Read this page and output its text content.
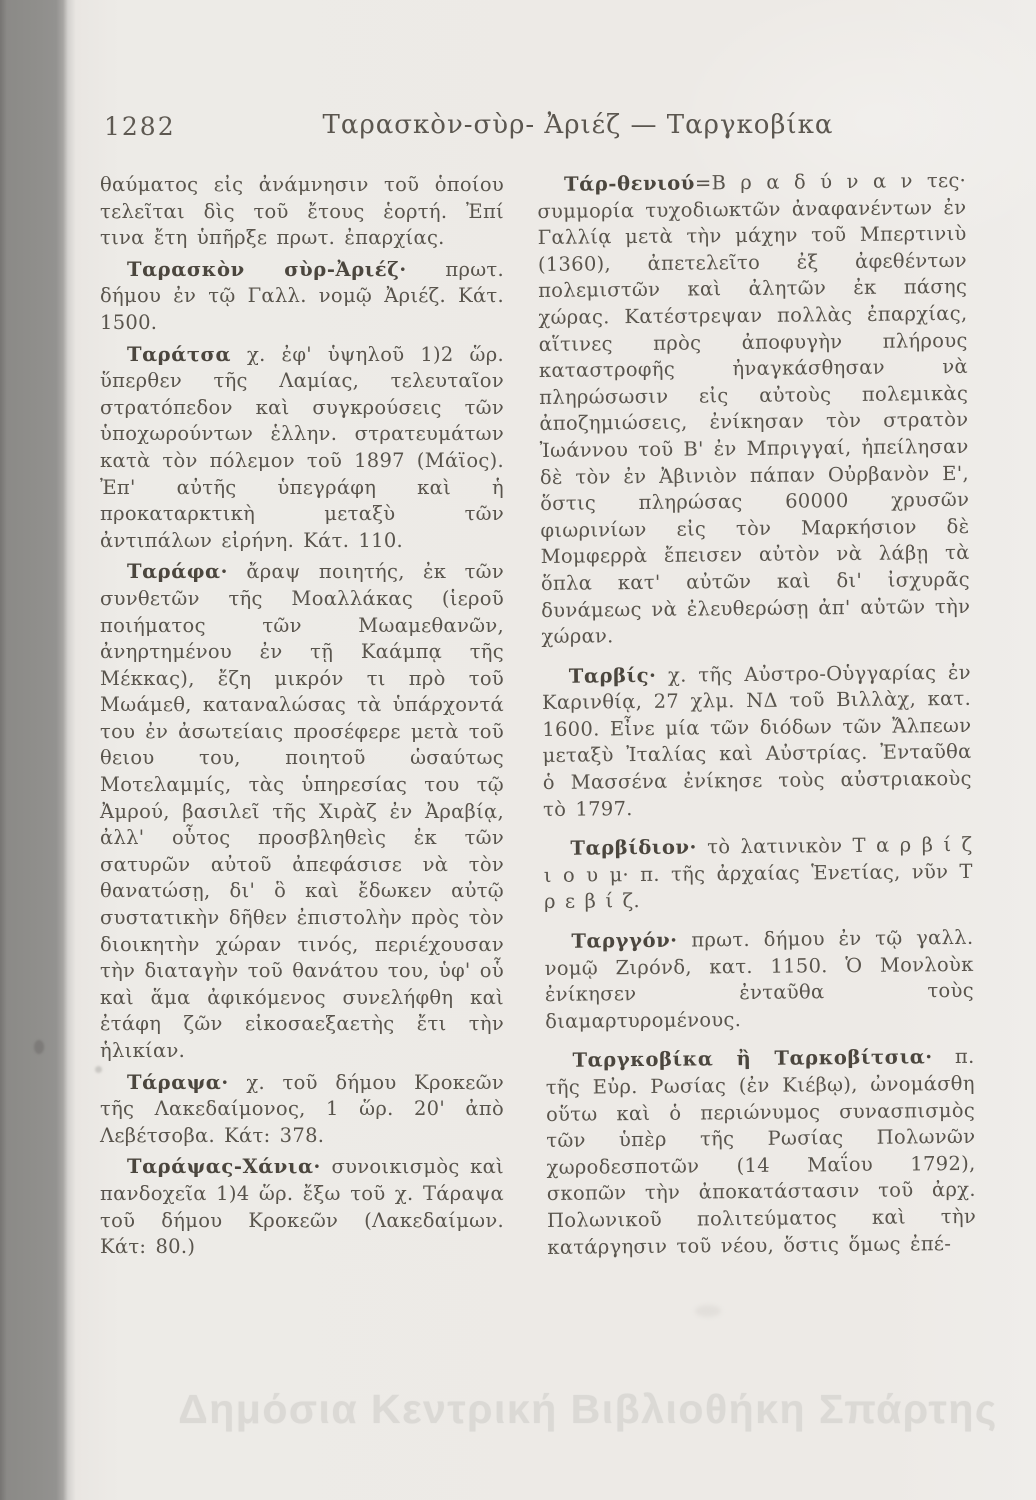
1282	Ταρασκὸν-σὺρ- Ἀριέζ — Ταργκοβίκα

θαύματος εἰς ἀνάμνησιν τοῦ ὁποίου τελεῖται δὶς τοῦ ἔτους ἑορτή. Ἐπί τινα ἔτη ὑπῆρξε πρωτ. ἐπαρχίας.

Ταρασκὸν σὺρ-Ἀριέζ· πρωτ. δήμου ἐν τῷ Γαλλ. νομῷ Ἀριέζ. Κάτ. 1500.

Ταράτσα χ. ἐφ' ὑψηλοῦ 1)2 ὥρ. ὕπερθεν τῆς Λαμίας, τελευταῖον στρατόπεδον καὶ συγκρούσεις τῶν ὑποχωρούντων ἑλλην. στρατευμάτων κατὰ τὸν πόλεμον τοῦ 1897 (Μάϊος). Ἐπ' αὐτῆς ὑπεγράφη καὶ ἡ προκαταρκτικὴ μεταξὺ τῶν ἀντιπάλων εἰρήνη. Κάτ. 110.

Ταράφα· ἄραψ ποιητής, ἐκ τῶν συνθετῶν τῆς Μοαλλάκας (ἱεροῦ ποιήματος τῶν Μωαμεθανῶν, ἀνηρτημένου ἐν τῇ Καάμπᾳ τῆς Μέκκας), ἔζη μικρόν τι πρὸ τοῦ Μωάμεθ, καταναλώσας τὰ ὑπάρχοντά του ἐν ἀσωτείαις προσέφερε μετὰ τοῦ θειου του, ποιητοῦ ὡσαύτως Μοτελαμμίς, τὰς ὑπηρεσίας του τῷ Ἀμρού, βασιλεῖ τῆς Χιρὰζ ἐν Ἀραβίᾳ, ἀλλ' οὗτος προσβληθεὶς ἐκ τῶν σατυρῶν αὐτοῦ ἀπεφάσισε νὰ τὸν θανατώσῃ, δι' ὃ καὶ ἔδωκεν αὐτῷ συστατικὴν δῆθεν ἐπιστολὴν πρὸς τὸν διοικητὴν χώραν τινός, περιέχουσαν τὴν διαταγὴν τοῦ θανάτου του, ὑφ' οὗ καὶ ἅμα ἀφικόμενος συνελήφθη καὶ ἐτάφη ζῶν εἰκοσαεξαετὴς ἔτι τὴν ἡλικίαν.

Τάραψα· χ. τοῦ δήμου Κροκεῶν τῆς Λακεδαίμονος, 1 ὥρ. 20' ἀπὸ Λεβέτσοβα. Κάτ: 378.

Ταράψας-Χάνια· συνοικισμὸς καὶ πανδοχεῖα 1)4 ὥρ. ἔξω τοῦ χ. Τάραψα τοῦ δήμου Κροκεῶν (Λακεδαίμων. Κάτ: 80.)

Τάρ-θενιού=Β ρ α δ ύ ν α ν τες· συμμορία τυχοδιωκτῶν ἀναφανέντων ἐν Γαλλίᾳ μετὰ τὴν μάχην τοῦ Μπερτινιὺ (1360), ἀπετελεῖτο ἐξ ἀφεθέντων πολεμιστῶν καὶ ἀλητῶν ἐκ πάσης χώρας. Κατέστρεψαν πολλὰς ἐπαρχίας, αἵτινες πρὸς ἀποφυγὴν πλήρους καταστροφῆς ἠναγκάσθησαν νὰ πληρώσωσιν εἰς αὐτοὺς πολεμικὰς ἀποζημιώσεις, ἐνίκησαν τὸν στρατὸν Ἰωάννου τοῦ Β' ἐν Μπριγγαί, ἠπείλησαν δὲ τὸν ἐν Ἀβινιὸν πάπαν Οὐρβανὸν Ε', ὅστις πληρώσας 60000 χρυσῶν φιωρινίων εἰς τὸν Μαρκήσιον δὲ Μομφερρὰ ἔπεισεν αὐτὸν νὰ λάβῃ τὰ ὅπλα κατ' αὐτῶν καὶ δι' ἰσχυρᾶς δυνάμεως νὰ ἐλευθερώσῃ ἀπ' αὐτῶν τὴν χώραν.

Ταρβίς· χ. τῆς Αὐστρο-Οὑγγαρίας ἐν Καρινθίᾳ, 27 χλμ. ΝΔ τοῦ Βιλλὰχ, κατ. 1600. Εἶνε μία τῶν διόδων τῶν Ἄλπεων μεταξὺ Ἰταλίας καὶ Αὐστρίας. Ἐνταῦθα ὁ Μασσένα ἐνίκησε τοὺς αὐστριακοὺς τὸ 1797.

Ταρβίδιον· τὸ λατινικὸν Τ α ρ β ί ζ ι ο υ μ· π. τῆς ἀρχαίας Ἑνετίας, νῦν Τ ρ ε β ί ζ.

Ταργγόν· πρωτ. δήμου ἐν τῷ γαλλ. νομῷ Ζιρόνδ, κατ. 1150. Ὁ Μονλοὺκ ἐνίκησεν ἐνταῦθα τοὺς διαμαρτυρομένους.

Ταργκοβίκα ἢ Ταρκοβίτσια· π. τῆς Εὐρ. Ρωσίας (ἐν Κιέβῳ), ὠνομάσθη οὕτω καὶ ὁ περιώνυμος συνασπισμὸς τῶν ὑπὲρ τῆς Ρωσίας Πολωνῶν χωροδεσποτῶν (14 Μαΐου 1792), σκοπῶν τὴν ἀποκατάστασιν τοῦ ἀρχ. Πολωνικοῦ πολιτεύματος καὶ τὴν κατάργησιν τοῦ νέου, ὅστις ὅμως ἐπέ-

Δημόσια Κεντρική Βιβλιοθήκη Σπάρτης
